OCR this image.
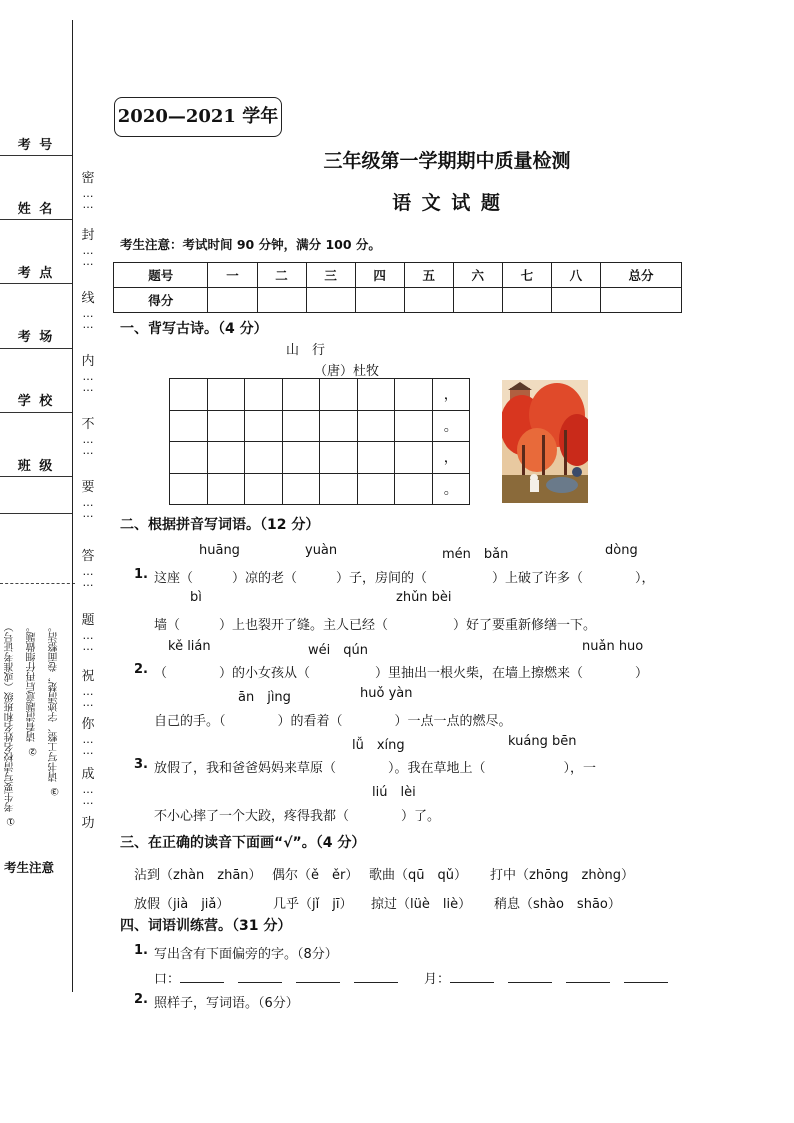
考 号
姓 名
考 点
考 场
学 校
班 级
① 考生要写清校名姓名和班级（或准考证号）	② 请看清题意后再仔细做题。	③ 请书写工整、字迹清楚，卷面整洁。
考生注意
密
…
…
封
…
…
线
…
…
内
…
…
不
…
…
要
…
…
答
…
…
题
…
…
祝
…
…
你
…
…
成
…
…
功
2020—2021 学年
三年级第一学期期中质量检测
语 文 试 题
考生注意：考试时间 90 分钟，满分 100 分。
题号	一	二	三	四	五	六	七	八	总分
得分									
一、背写古诗。（4 分）
山　行
（唐）杜牧
							，
							。
							，
							。
二、根据拼音写词语。（12 分）
huāng	yuàn	mén　bǎn	dòng
1. 这座（　　　）凉的老（　　　）子，房间的（　　　　　）上破了许多（　　　　），
bì	zhǔn bèi
墙（　　　）上也裂开了缝。主人已经（　　　　　）好了要重新修缮一下。
kě lián	wéi　qún	nuǎn huo
2. （　　　　）的小女孩从（　　　　　）里抽出一根火柴，在墙上擦燃来（　　　　）
ān　jìng	huǒ yàn
自己的手。（　　　　）的看着（　　　　）一点一点的燃尽。
lǚ　xíng	kuáng bēn
3. 放假了，我和爸爸妈妈来草原（　　　　）。我在草地上（　　　　　　），一
liú　lèi
不小心摔了一个大跤，疼得我都（　　　　）了。
三、在正确的读音下面画“√”。（4 分）
沾到（zhàn　zhān） 偶尔（ě　ěr） 歌曲（qū　qǔ） 打中（zhōng　zhòng）
放假（jià　jiǎ）	几乎（jǐ　jī） 掠过（lüè　liè） 稍息（shào　shāo）
四、词语训练营。（31 分）
1. 写出含有下面偏旁的字。（8分）
口：	月：
2. 照样子，写词语。（6分）
